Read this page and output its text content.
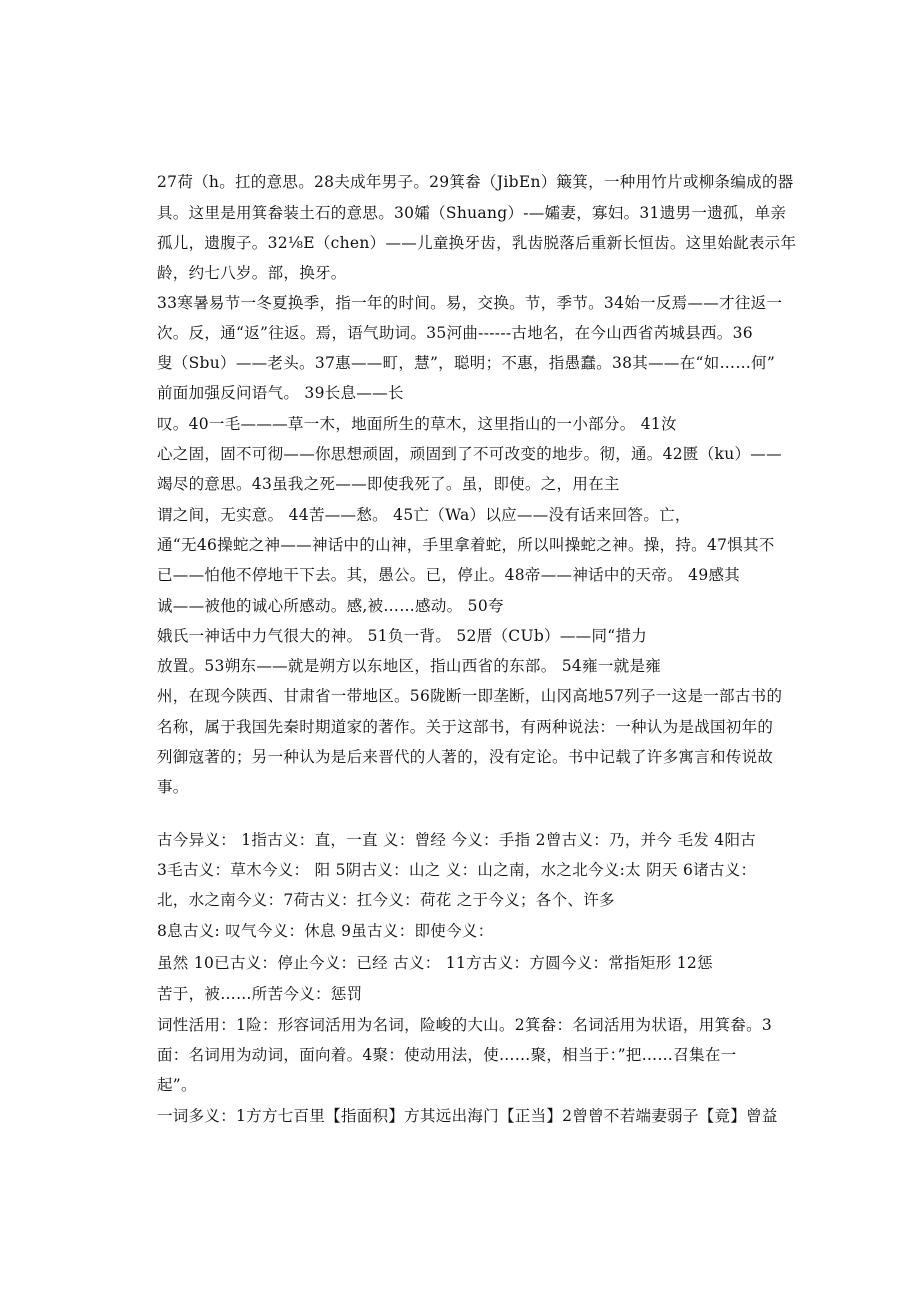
27荷（h。扛的意思。28夫成年男子。29箕畚（JibEn）簸箕，一种用竹片或柳条编成的器
具。这里是用箕畚装土石的意思。30孀（Shuang）-—孀妻，寡妇。31遗男一遗孤，单亲
孤儿，遗腹子。32⅛E（chen）——儿童换牙齿，乳齿脱落后重新长恒齿。这里始龀表示年
龄，约七八岁。部，换牙。
33寒暑易节一冬夏换季，指一年的时间。易，交换。节，季节。34始一反焉——才往返一
次。反，通“返”往返。焉，语气助词。35河曲------古地名，在今山西省芮城县西。36
叟（Sbu）——老头。37惠——町，慧”，聪明；不惠，指愚蠢。38其——在“如……何”
前面加强反问语气。 39长息——长
叹。40一毛———草一木，地面所生的草木，这里指山的一小部分。 41汝
心之固，固不可彻——你思想顽固，顽固到了不可改变的地步。彻，通。42匮（ku）——
竭尽的意思。43虽我之死——即使我死了。虽，即使。之，用在主
谓之间，无实意。 44苦——愁。 45亡（Wa）以应——没有话来回答。亡，
通“无46操蛇之神——神话中的山神，手里拿着蛇，所以叫操蛇之神。操，持。47惧其不
已——怕他不停地干下去。其，愚公。已，停止。48帝——神话中的天帝。 49感其
诚——被他的诚心所感动。感,被……感动。 50夸
娥氏一神话中力气很大的神。 51负一背。 52厝（CUb）——同“措力
放置。53朔东——就是朔方以东地区，指山西省的东部。 54雍一就是雍
州，在现今陕西、甘肃省一带地区。56陇断一即垄断，山冈高地57列子一这是一部古书的
名称，属于我国先秦时期道家的著作。关于这部书，有两种说法：一种认为是战国初年的
列御寇著的；另一种认为是后来晋代的人著的，没有定论。书中记载了许多寓言和传说故
事。
古今异义： 1指古义：直，一直 义：曾经 今义：手指 2曾古义：乃，并今 毛发 4阳古
3毛古义：草木今义： 阳 5阴古义：山之 义：山之南，水之北今义:太 阴天 6诸古义：
北，水之南今义：7荷古义：扛今义：荷花 之于今义；各个、许多
8息古义: 叹气今义：休息 9虽古义：即使今义：
虽然 10已古义：停止今义：已经 古义： 11方古义：方圆今义：常指矩形 12惩
苦于，被……所苦今义：惩罚
词性活用：1险：形容词活用为名词，险峻的大山。2箕畚：名词活用为状语，用箕畚。3
面：名词用为动词，面向着。4聚：使动用法，使……聚，相当于：”把……召集在一
起”。
一词多义：1方方七百里【指面积】方其远出海门【正当】2曾曾不若端妻弱子【竟】曾益
